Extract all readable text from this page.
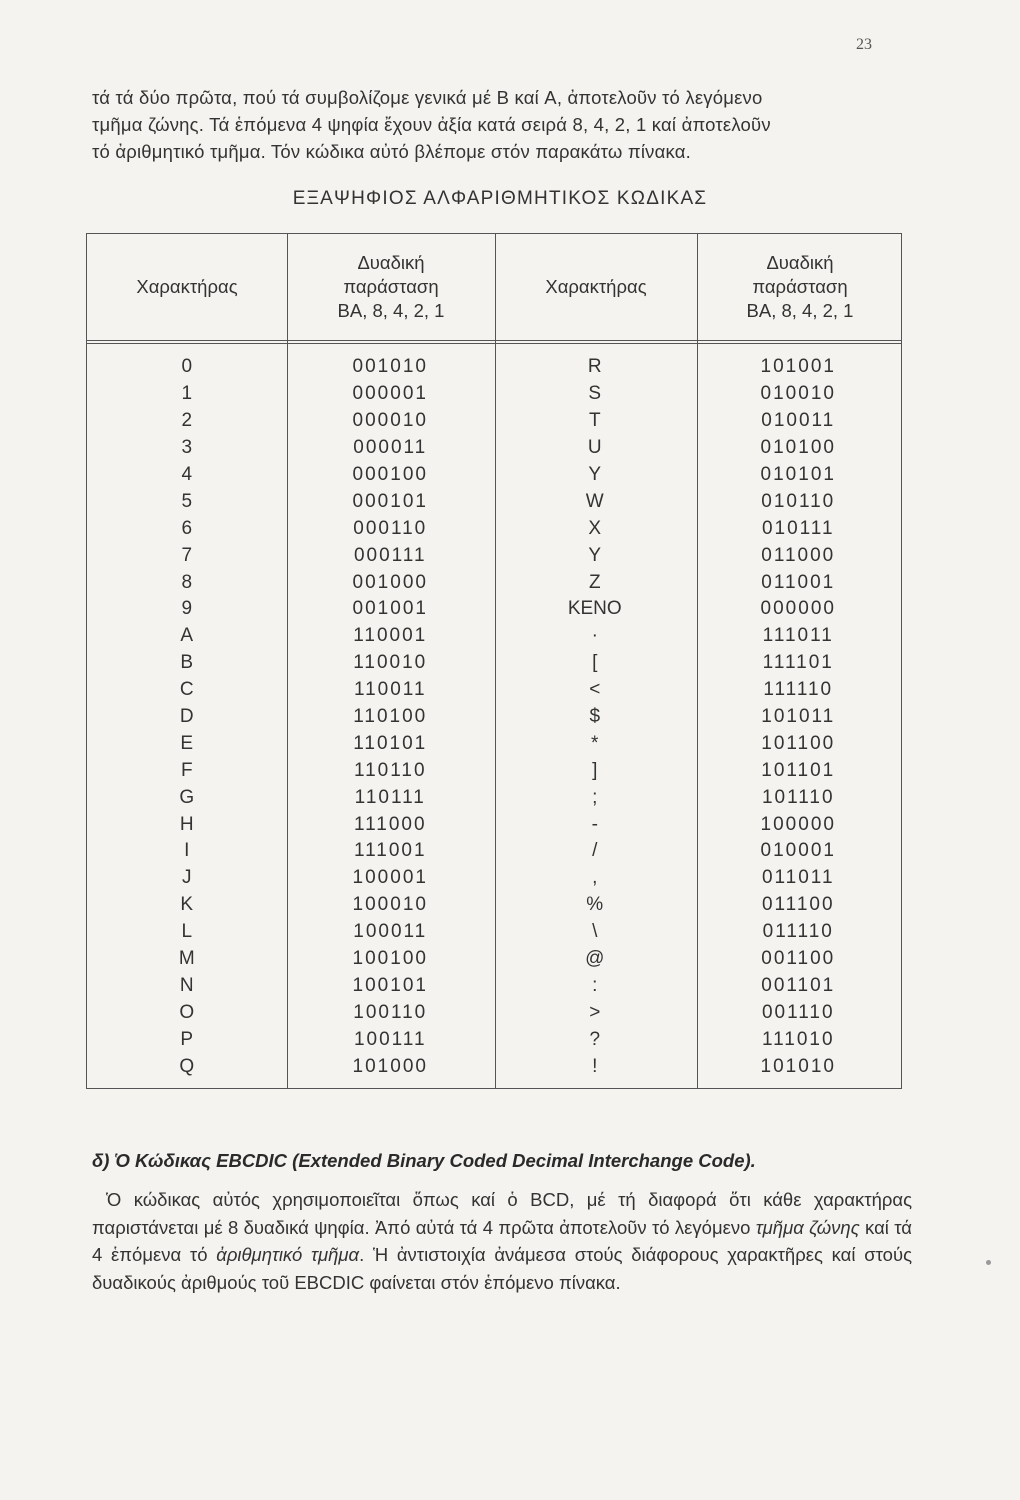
23

τά τά δύο πρῶτα, πού τά συμβολίζομε γενικά μέ B καί A, ἀποτελοῦν τό λεγόμενο

τμῆμα ζώνης. Τά ἑπόμενα 4 ψηφία ἔχουν ἀξία κατά σειρά 8, 4, 2, 1 καί ἀποτελοῦν

τό ἀριθμητικό τμῆμα. Τόν κώδικα αὐτό βλέπομε στόν παρακάτω πίνακα.

ΕΞΑΨΗΦΙΟΣ ΑΛΦΑΡΙΘΜΗΤΙΚΟΣ ΚΩΔΙΚΑΣ
Χαρακτήρας
Δυαδική
παράσταση
BA, 8, 4, 2, 1
Χαρακτήρας
Δυαδική
παράσταση
BA, 8, 4, 2, 1
0	001010	R	101001
1	000001	S	010010
2	000010	T	010011
3	000011	U	010100
4	000100	Y	010101
5	000101	W	010110
6	000110	X	010111
7	000111	Y	011000
8	001000	Z	011001
9	001001	KENO	000000
A	110001	·	111011
B	110010	[	111101
C	110011	<	111110
D	110100	$	101011
E	110101	*	101100
F	110110	]	101101
G	110111	;	101110
H	111000	-	100000
I	111001	/	010001
J	100001	,	011011
K	100010	%	011100
L	100011	\	011110
M	100100	@	001100
N	100101	:	001101
O	100110	>	001110
P	100111	?	111010
Q	101000	!	101010

δ) Ὁ Κώδικας EBCDIC (Extended Binary Coded Decimal Interchange Code).

Ὁ κώδικας αὐτός χρησιμοποιεῖται ὅπως καί ὁ BCD, μέ τή διαφορά ὅτι κάθε χαρακτήρας παριστάνεται μέ 8 δυαδικά ψηφία. Ἀπό αὐτά τά 4 πρῶτα ἀποτελοῦν τό λεγόμενο τμῆμα ζώνης καί τά 4 ἑπόμενα τό ἀριθμητικό τμῆμα. Ἡ ἀντιστοιχία ἀνάμεσα στούς διάφορους χαρακτῆρες καί στούς δυαδικούς ἀριθμούς τοῦ EBCDIC φαίνεται στόν ἑπόμενο πίνακα.
